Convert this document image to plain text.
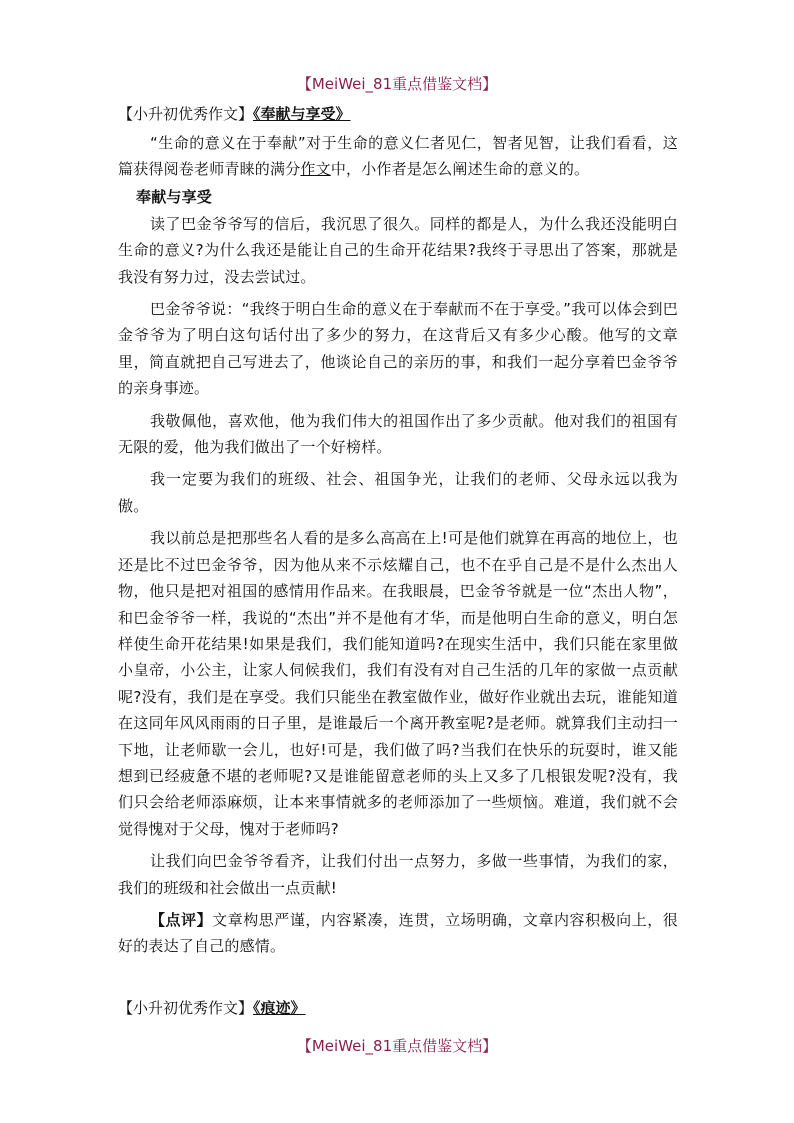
【MeiWei_81重点借鉴文档】
【小升初优秀作文】《奉献与享受》

“生命的意义在于奉献”对于生命的意义仁者见仁，智者见智，让我们看看，这篇获得阅卷老师青睐的满分作文中，小作者是怎么阐述生命的意义的。

奉献与享受

读了巴金爷爷写的信后，我沉思了很久。同样的都是人，为什么我还没能明白生命的意义?为什么我还是能让自己的生命开花结果?我终于寻思出了答案，那就是我没有努力过，没去尝试过。

巴金爷爷说：“我终于明白生命的意义在于奉献而不在于享受。”我可以体会到巴金爷爷为了明白这句话付出了多少的努力，在这背后又有多少心酸。他写的文章里，简直就把自己写进去了，他谈论自己的亲历的事，和我们一起分享着巴金爷爷的亲身事迹。

我敬佩他，喜欢他，他为我们伟大的祖国作出了多少贡献。他对我们的祖国有无限的爱，他为我们做出了一个好榜样。

我一定要为我们的班级、社会、祖国争光，让我们的老师、父母永远以我为傲。

我以前总是把那些名人看的是多么高高在上!可是他们就算在再高的地位上，也还是比不过巴金爷爷，因为他从来不示炫耀自己，也不在乎自己是不是什么杰出人物，他只是把对祖国的感情用作品来。在我眼晨，巴金爷爷就是一位“杰出人物”，和巴金爷爷一样，我说的“杰出”并不是他有才华，而是他明白生命的意义，明白怎样使生命开花结果!如果是我们，我们能知道吗?在现实生活中，我们只能在家里做小皇帝，小公主，让家人伺候我们，我们有没有对自己生活的几年的家做一点贡献呢?没有，我们是在享受。我们只能坐在教室做作业，做好作业就出去玩，谁能知道在这同年风风雨雨的日子里，是谁最后一个离开教室呢?是老师。就算我们主动扫一下地，让老师歇一会儿，也好!可是，我们做了吗?当我们在快乐的玩耍时，谁又能想到已经疲惫不堪的老师呢?又是谁能留意老师的头上又多了几根银发呢?没有，我们只会给老师添麻烦，让本来事情就多的老师添加了一些烦恼。难道，我们就不会觉得愧对于父母，愧对于老师吗?

让我们向巴金爷爷看齐，让我们付出一点努力，多做一些事情，为我们的家，我们的班级和社会做出一点贡献!

【点评】文章构思严谨，内容紧凑，连贯，立场明确，文章内容积极向上，很好的表达了自己的感情。

【小升初优秀作文】《痕迹》
【MeiWei_81重点借鉴文档】
